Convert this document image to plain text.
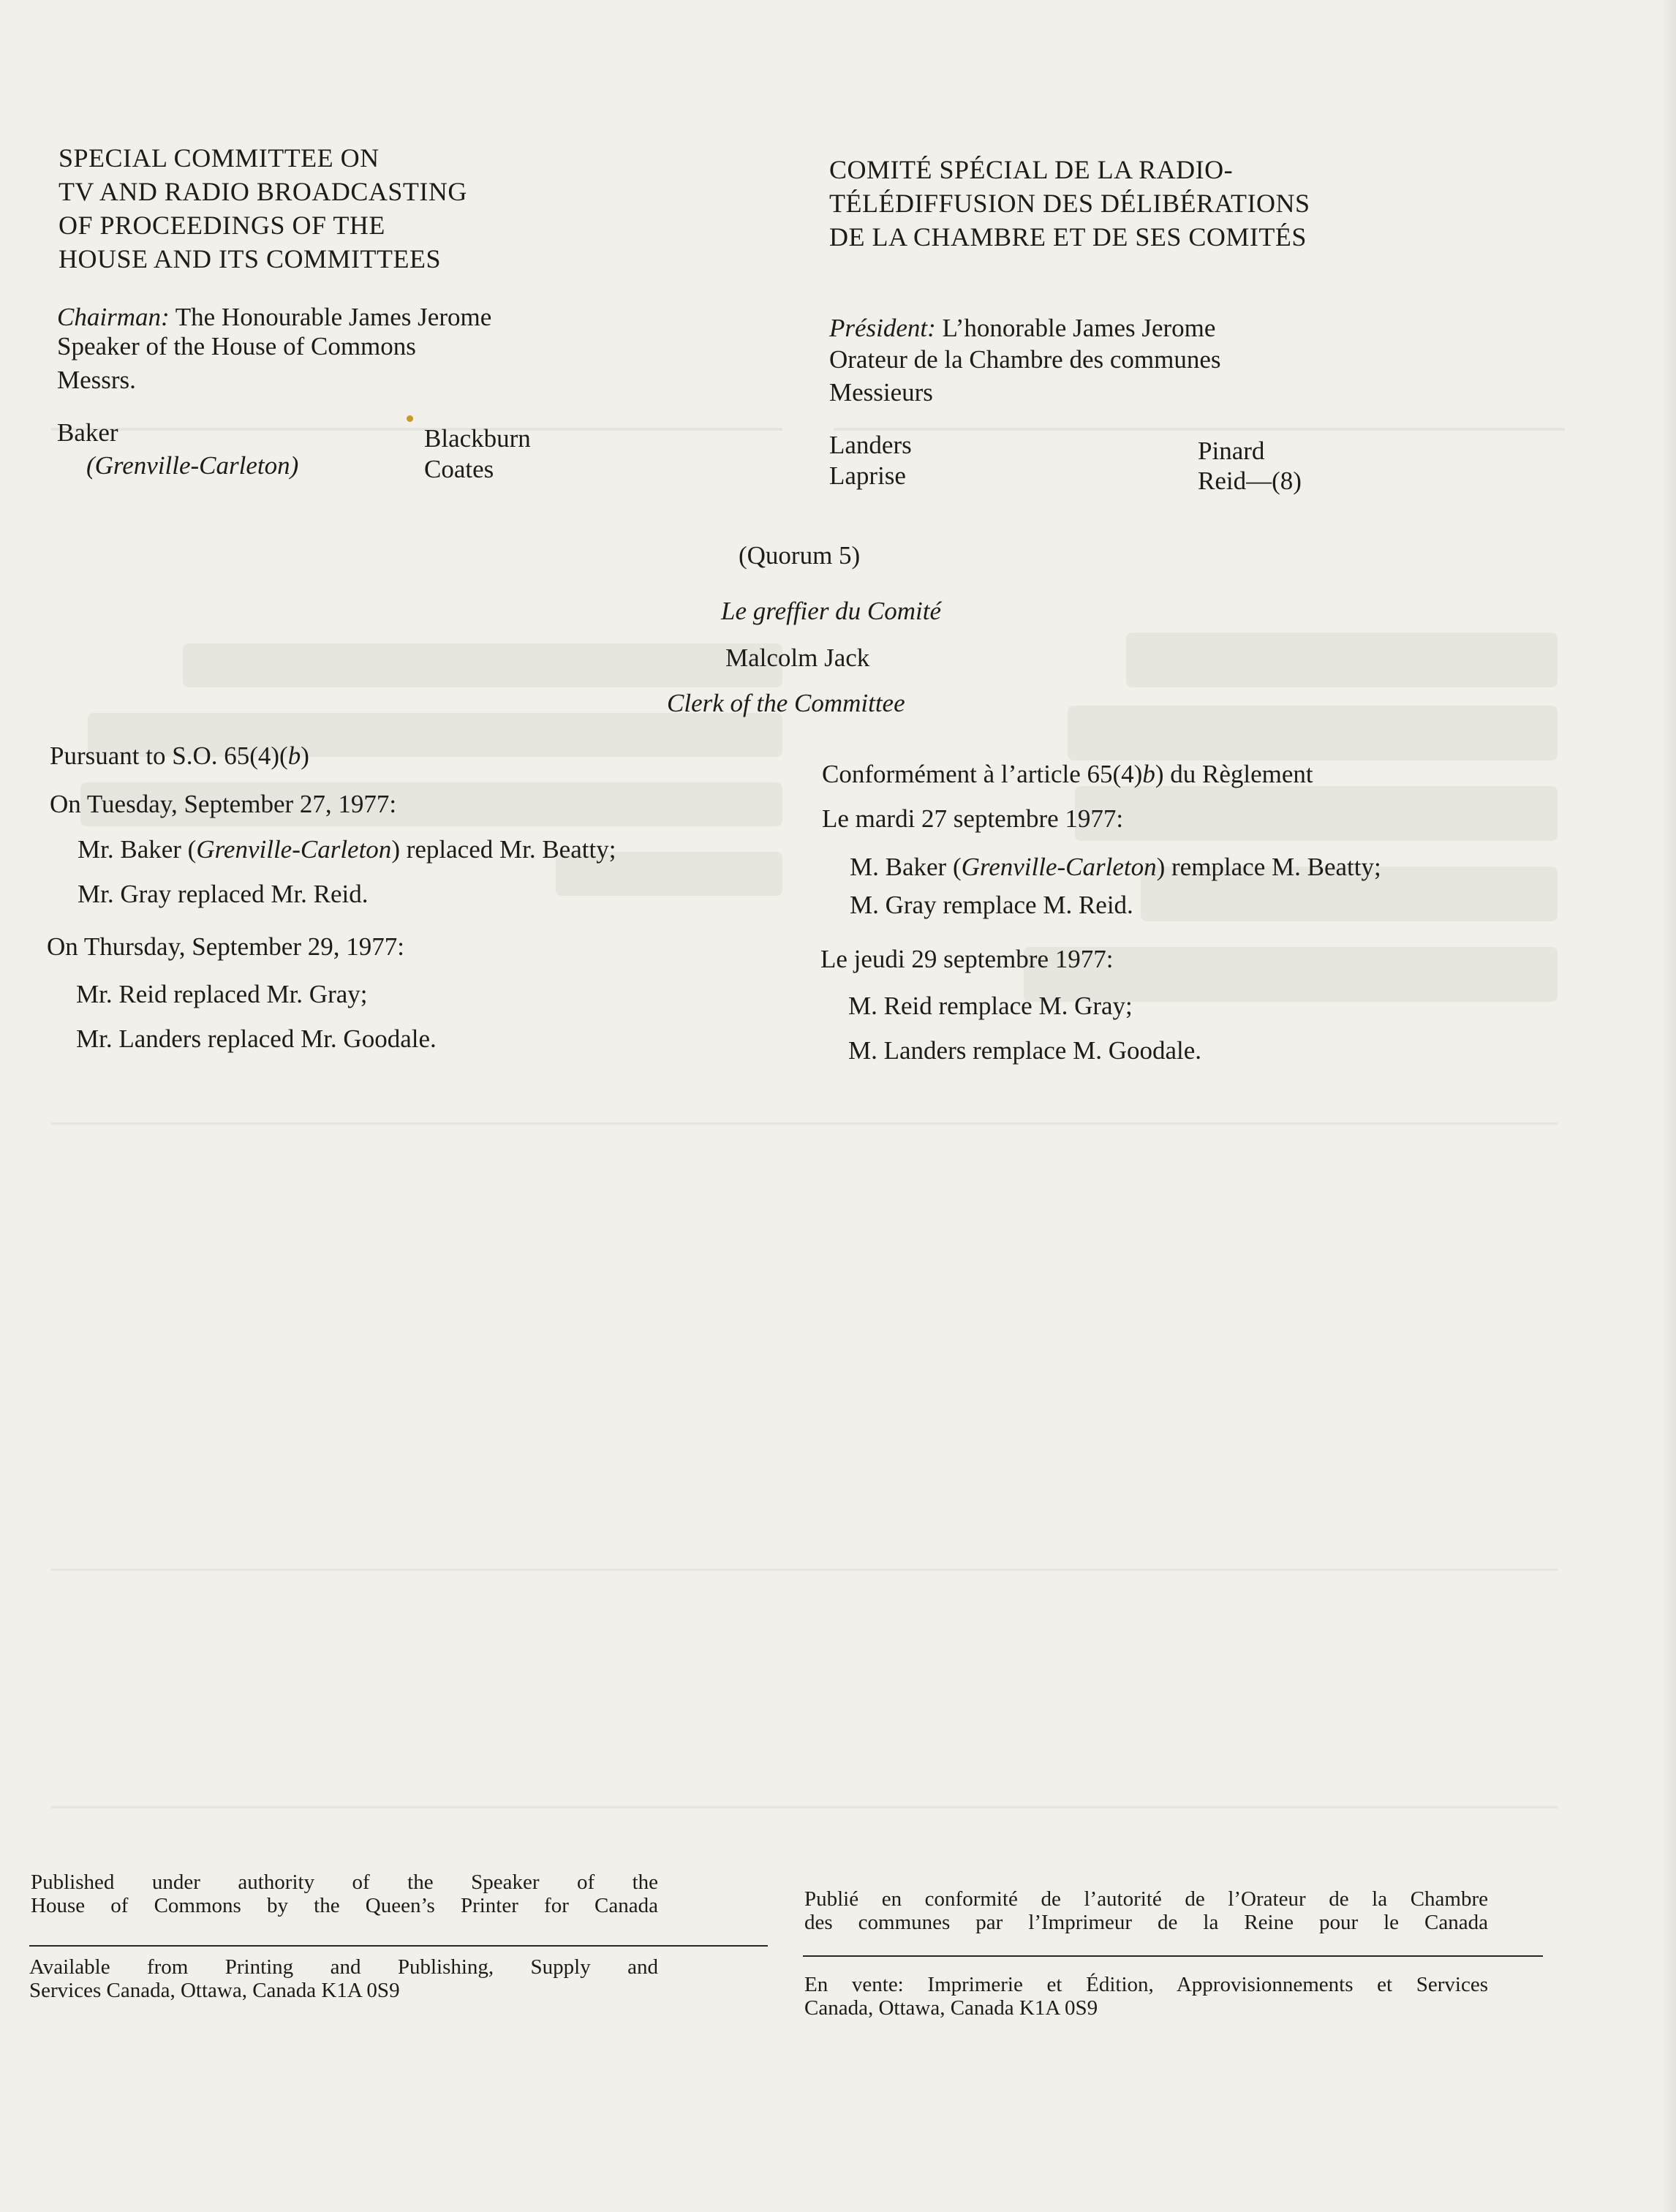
SPECIAL COMMITTEE ON
TV AND RADIO BROADCASTING
OF PROCEEDINGS OF THE
HOUSE AND ITS COMMITTEES
COMITÉ SPÉCIAL DE LA RADIO-
TÉLÉDIFFUSION DES DÉLIBÉRATIONS
DE LA CHAMBRE ET DE SES COMITÉS
Chairman: The Honourable James Jerome
Speaker of the House of Commons
Messrs.
Baker
(Grenville-Carleton)
Blackburn
Coates
Président: L’honorable James Jerome
Orateur de la Chambre des communes
Messieurs
Landers
Laprise
Pinard
Reid—(8)
(Quorum 5)
Le greffier du Comité
Malcolm Jack
Clerk of the Committee
Pursuant to S.O. 65(4)(b)
On Tuesday, September 27, 1977:
Mr. Baker (Grenville-Carleton) replaced Mr. Beatty;
Mr. Gray replaced Mr. Reid.
On Thursday, September 29, 1977:
Mr. Reid replaced Mr. Gray;
Mr. Landers replaced Mr. Goodale.
Conformément à l’article 65(4)b) du Règlement
Le mardi 27 septembre 1977:
M. Baker (Grenville-Carleton) remplace M. Beatty;
M. Gray remplace M. Reid.
Le jeudi 29 septembre 1977:
M. Reid remplace M. Gray;
M. Landers remplace M. Goodale.
Published under authority of the Speaker of the
House of Commons by the Queen’s Printer for Canada
Available from Printing and Publishing, Supply and
Services Canada, Ottawa, Canada K1A 0S9
Publié en conformité de l’autorité de l’Orateur de la Chambre
des communes par l’Imprimeur de la Reine pour le Canada
En vente: Imprimerie et Édition, Approvisionnements et Services
Canada, Ottawa, Canada K1A 0S9
